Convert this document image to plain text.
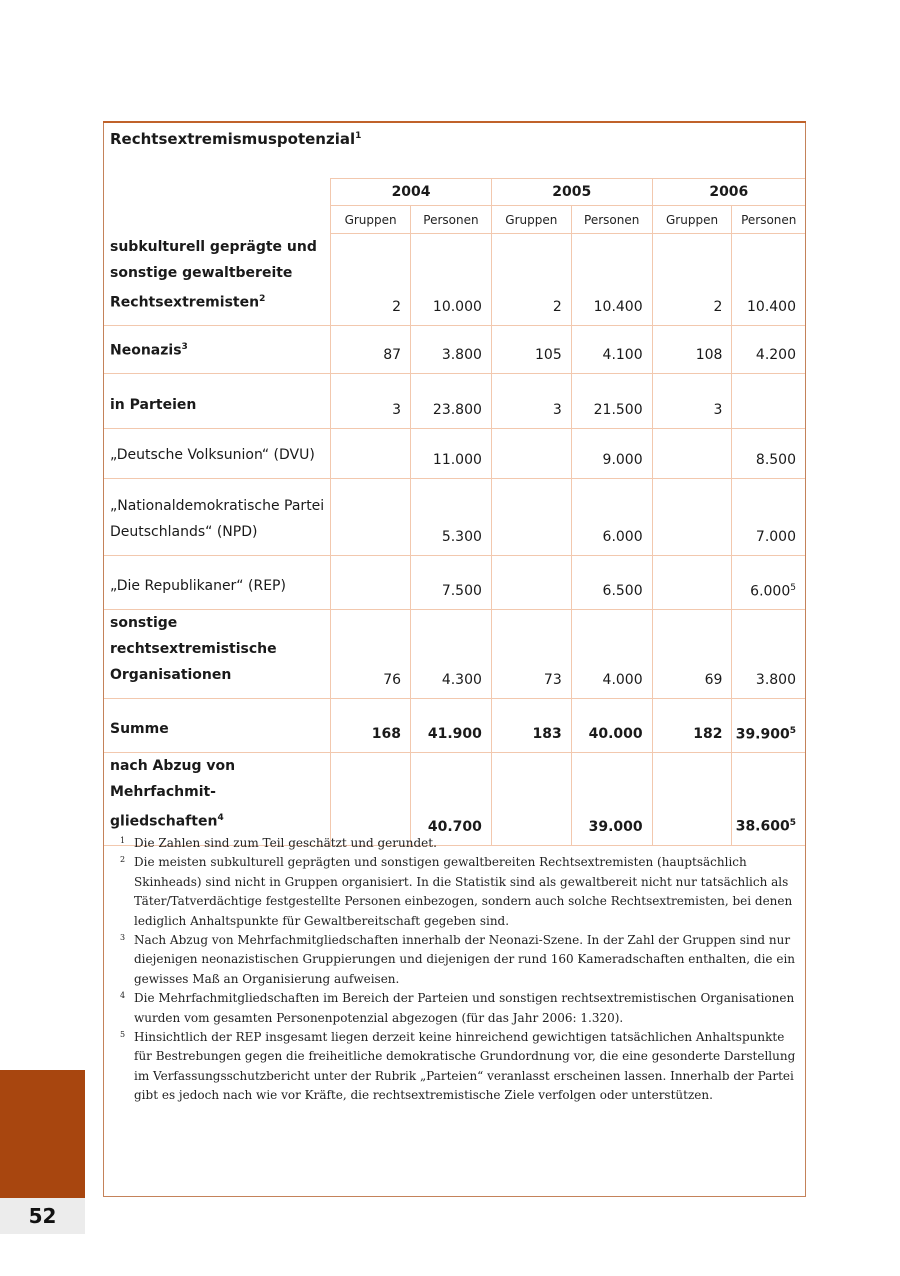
Rechtsextremismuspotenzial$^1$
	2004		2005		2006	
	Gruppen	Personen	Gruppen	Personen	Gruppen	Personen
subkulturell geprägte und
sonstige gewaltbereite
Rechtsextremisten$^2$	2	10.000	2	10.400	2	10.400
Neonazis$^3$	87	3.800	105	4.100	108	4.200
in Parteien	3	23.800	3	21.500	3	
„Deutsche Volksunion“ (DVU)		11.000		9.000		8.500
„Nationaldemokratische Partei
Deutschlands“ (NPD)		5.300		6.000		7.000
„Die Republikaner“ (REP)		7.500		6.500		6.000$^5$
sonstige rechtsextremistische
Organisationen	76	4.300	73	4.000	69	3.800
Summe	168	41.900	183	40.000	182	39.900$^5$
nach Abzug von Mehrfachmit-
gliedschaften$^4$		40.700		39.000		38.600$^5$
1 Die Zahlen sind zum Teil geschätzt und gerundet.
2 Die meisten subkulturell geprägten und sonstigen gewaltbereiten Rechtsextremisten (hauptsächlich Skinheads) sind nicht in Gruppen organisiert. In die Statistik sind als gewaltbereit nicht nur tatsächlich als Täter/Tatverdächtige festgestellte Personen einbezogen, sondern auch solche Rechtsextremisten, bei denen lediglich Anhaltspunkte für Gewaltbereitschaft gegeben sind.
3 Nach Abzug von Mehrfachmitgliedschaften innerhalb der Neonazi-Szene. In der Zahl der Gruppen sind nur diejenigen neonazistischen Gruppierungen und diejenigen der rund 160 Kameradschaften enthalten, die ein gewisses Maß an Organisierung aufweisen.
4 Die Mehrfachmitgliedschaften im Bereich der Parteien und sonstigen rechtsextremistischen Organisationen wurden vom gesamten Personenpotenzial abgezogen (für das Jahr 2006: 1.320).
5 Hinsichtlich der REP insgesamt liegen derzeit keine hinreichend gewichtigen tatsächlichen Anhaltspunkte für Bestrebungen gegen die freiheitliche demokratische Grundordnung vor, die eine gesonderte Darstellung im Verfassungsschutzbericht unter der Rubrik „Parteien“ veranlasst erscheinen lassen. Innerhalb der Partei gibt es jedoch nach wie vor Kräfte, die rechtsextremistische Ziele verfolgen oder unterstützen.
52
